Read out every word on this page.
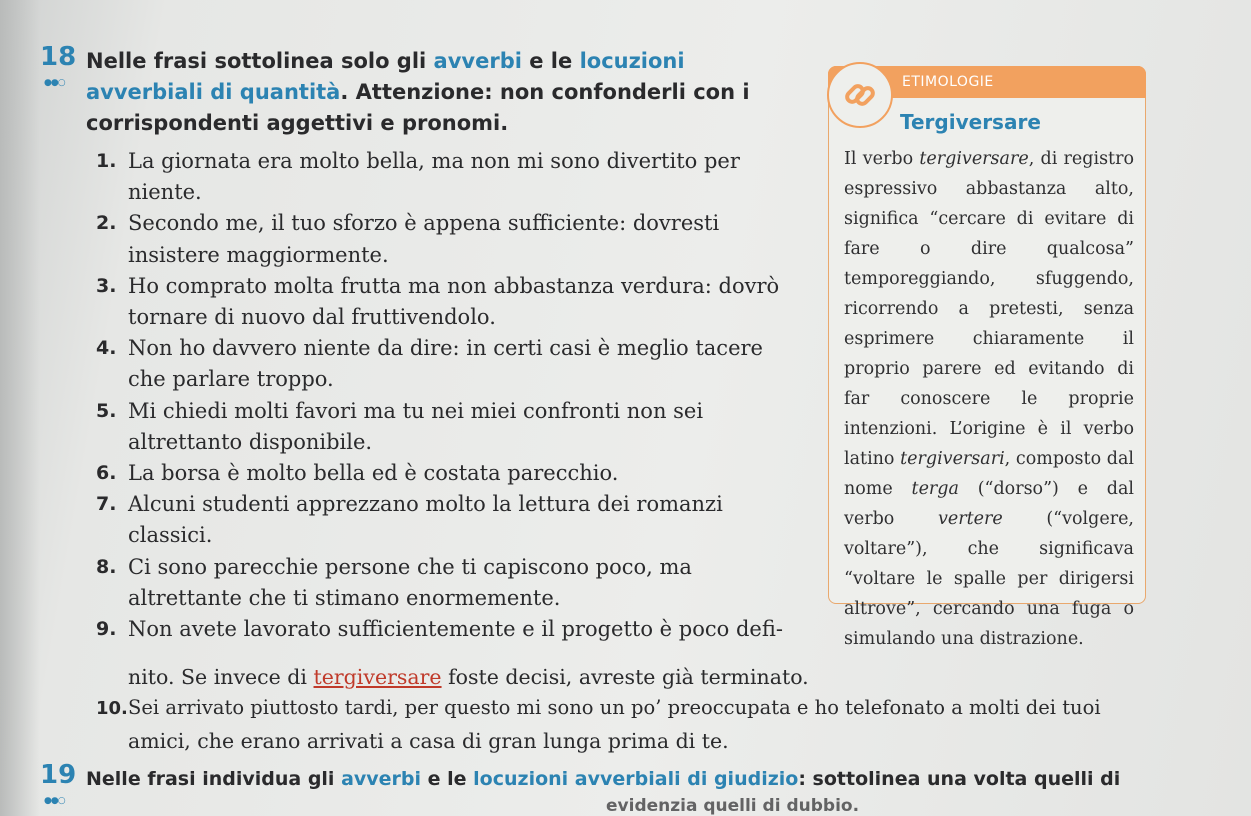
18
●●○
Nelle frasi sottolinea solo gli avverbi e le locuzioni avverbiali di quantità. Attenzione: non confonderli con i corrispondenti aggettivi e pronomi.
1. La giornata era molto bella, ma non mi sono divertito per niente.
2. Secondo me, il tuo sforzo è appena sufficiente: dovresti insistere maggiormente.
3. Ho comprato molta frutta ma non abbastanza verdura: dovrò tornare di nuovo dal fruttivendolo.
4. Non ho davvero niente da dire: in certi casi è meglio tacere che parlare troppo.
5. Mi chiedi molti favori ma tu nei miei confronti non sei altrettanto disponibile.
6. La borsa è molto bella ed è costata parecchio.
7. Alcuni studenti apprezzano molto la lettura dei romanzi classici.
8. Ci sono parecchie persone che ti capiscono poco, ma altrettante che ti stimano enormemente.
9. Non avete lavorato sufficientemente e il progetto è poco defi-
nito. Se invece di tergiversare foste decisi, avreste già terminato.
10.Sei arrivato piuttosto tardi, per questo mi sono un po’ preoccupata e ho telefonato a molti dei tuoi
amici, che erano arrivati a casa di gran lunga prima di te.
ETIMOLOGIE
Tergiversare
Il verbo tergiversare, di registro espressivo abbastanza alto, significa “cercare di evitare di fare o dire qualcosa” temporeggiando, sfuggendo, ricorrendo a pretesti, senza esprimere chiaramente il proprio parere ed evitando di far conoscere le proprie intenzioni. L’origine è il verbo latino tergiversari, composto dal nome terga (“dorso”) e dal verbo vertere (“volgere, voltare”), che significava “voltare le spalle per dirigersi altrove”, cercando una fuga o simulando una distrazione.
19
●●○
Nelle frasi individua gli avverbi e le locuzioni avverbiali di giudizio: sottolinea una volta quelli di
evidenzia quelli di dubbio.
